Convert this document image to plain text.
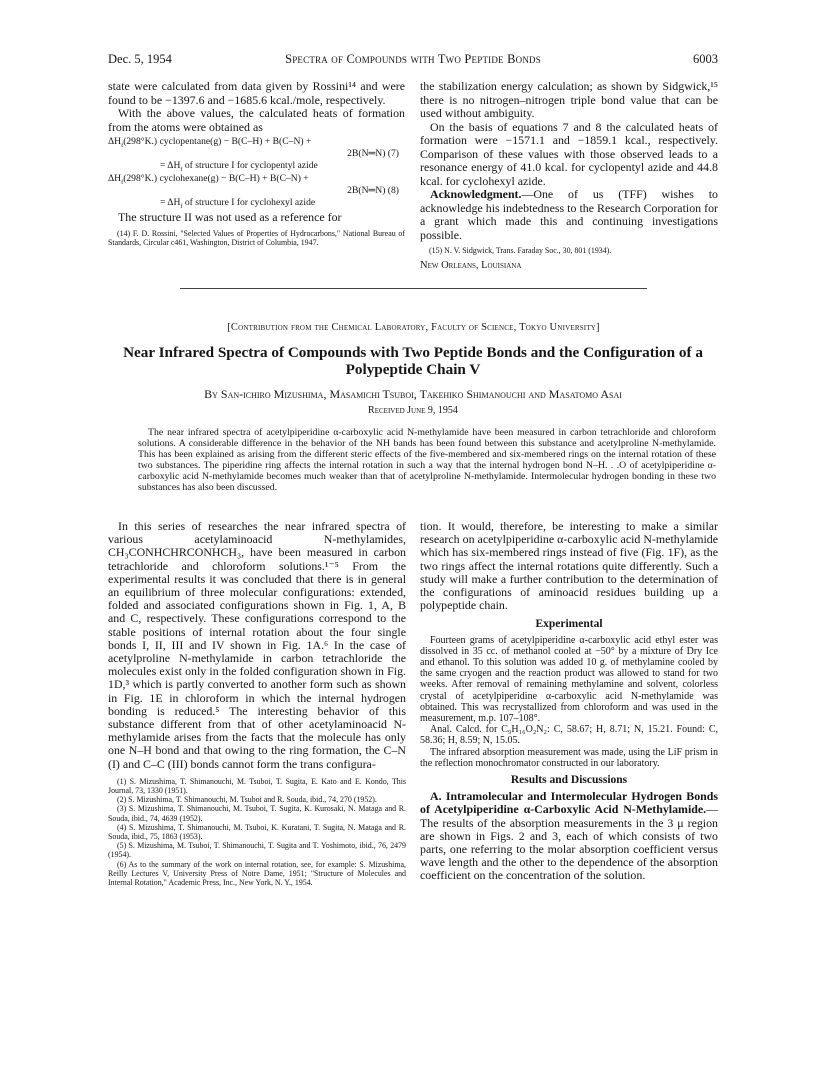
Dec. 5, 1954	Spectra of Compounds with Two Peptide Bonds	6003

state were calculated from data given by Rossini¹⁴ and were found to be −1397.6 and −1685.6 kcal./mole, respectively.

With the above values, the calculated heats of formation from the atoms were obtained as

$\Delta H_f(298^\circ K.)$ cyclopentane(g) − B(C–H) + B(C–N) +
2B(N═N) (7)
= $\Delta H_f$ of structure I for cyclopentyl azide
$\Delta H_f(298^\circ K.)$ cyclohexane(g) − B(C–H) + B(C–N) +
2B(N═N) (8)
= $\Delta H_f$ of structure I for cyclohexyl azide

The structure II was not used as a reference for

(14) F. D. Rossini, "Selected Values of Properties of Hydrocarbons," National Bureau of Standards, Circular c461, Washington, District of Columbia, 1947.

the stabilization energy calculation; as shown by Sidgwick,¹⁵ there is no nitrogen–nitrogen triple bond value that can be used without ambiguity.

On the basis of equations 7 and 8 the calculated heats of formation were −1571.1 and −1859.1 kcal., respectively. Comparison of these values with those observed leads to a resonance energy of 41.0 kcal. for cyclopentyl azide and 44.8 kcal. for cyclohexyl azide.

Acknowledgment.—One of us (TFF) wishes to acknowledge his indebtedness to the Research Corporation for a grant which made this and continuing investigations possible.

(15) N. V. Sidgwick, Trans. Faraday Soc., 30, 801 (1934).

New Orleans, Louisiana

[Contribution from the Chemical Laboratory, Faculty of Science, Tokyo University]
Near Infrared Spectra of Compounds with Two Peptide Bonds and the Configuration of a Polypeptide Chain V
By San-ichiro Mizushima, Masamichi Tsuboi, Takehiko Shimanouchi and Masatomo Asai
Received June 9, 1954
The near infrared spectra of acetylpiperidine α-carboxylic acid N-methylamide have been measured in carbon tetrachloride and chloroform solutions. A considerable difference in the behavior of the NH bands has been found between this substance and acetylproline N-methylamide. This has been explained as arising from the different steric effects of the five-membered and six-membered rings on the internal rotation of these two substances. The piperidine ring affects the internal rotation in such a way that the internal hydrogen bond N–H. . .O of acetylpiperidine α-carboxylic acid N-methylamide becomes much weaker than that of acetylproline N-methylamide. Intermolecular hydrogen bonding in these two substances has also been discussed.

In this series of researches the near infrared spectra of various acetylaminoacid N-methylamides, CH₃CONHCHRCONHCH₃, have been measured in carbon tetrachloride and chloroform solutions.¹⁻⁵ From the experimental results it was concluded that there is in general an equilibrium of three molecular configurations: extended, folded and associated configurations shown in Fig. 1, A, B and C, respectively. These configurations correspond to the stable positions of internal rotation about the four single bonds I, II, III and IV shown in Fig. 1A.⁶ In the case of acetylproline N-methylamide in carbon tetrachloride the molecules exist only in the folded configuration shown in Fig. 1D,³ which is partly converted to another form such as shown in Fig. 1E in chloroform in which the internal hydrogen bonding is reduced.⁵ The interesting behavior of this substance different from that of other acetylaminoacid N-methylamide arises from the facts that the molecule has only one N–H bond and that owing to the ring formation, the C–N (I) and C–C (III) bonds cannot form the trans configura-

(1) S. Mizushima, T. Shimanouchi, M. Tsuboi, T. Sugita, E. Kato and E. Kondo, This Journal, 73, 1330 (1951).

(2) S. Mizushima, T. Shimanouchi, M. Tsuboi and R. Souda, ibid., 74, 270 (1952).

(3) S. Mizushima, T. Shimanouchi, M. Tsuboi, T. Sugita, K. Kurosaki, N. Mataga and R. Souda, ibid., 74, 4639 (1952).

(4) S. Mizushima, T. Shimanouchi, M. Tsuboi, K. Kuratani, T. Sugita, N. Mataga and R. Souda, ibid., 75, 1863 (1953).

(5) S. Mizushima, M. Tsuboi, T. Shimanouchi, T. Sugita and T. Yoshimoto, ibid., 76, 2479 (1954).

(6) As to the summary of the work on internal rotation, see, for example: S. Mizushima, Reilly Lectures V, University Press of Notre Dame, 1951; "Structure of Molecules and Internal Rotation," Academic Press, Inc., New York, N. Y., 1954.

tion. It would, therefore, be interesting to make a similar research on acetylpiperidine α-carboxylic acid N-methylamide which has six-membered rings instead of five (Fig. 1F), as the two rings affect the internal rotations quite differently. Such a study will make a further contribution to the determination of the configurations of aminoacid residues building up a polypeptide chain.

Experimental

Fourteen grams of acetylpiperidine α-carboxylic acid ethyl ester was dissolved in 35 cc. of methanol cooled at −50° by a mixture of Dry Ice and ethanol. To this solution was added 10 g. of methylamine cooled by the same cryogen and the reaction product was allowed to stand for two weeks. After removal of remaining methylamine and solvent, colorless crystal of acetylpiperidine α-carboxylic acid N-methylamide was obtained. This was recrystallized from chloroform and was used in the measurement, m.p. 107–108°.

Anal. Calcd. for C₉H₁₆O₂N₂: C, 58.67; H, 8.71; N, 15.21. Found: C, 58.36; H, 8.59; N, 15.05.

The infrared absorption measurement was made, using the LiF prism in the reflection monochromator constructed in our laboratory.

Results and Discussions

A. Intramolecular and Intermolecular Hydrogen Bonds of Acetylpiperidine α-Carboxylic Acid N-Methylamide.—The results of the absorption measurements in the 3 μ region are shown in Figs. 2 and 3, each of which consists of two parts, one referring to the molar absorption coefficient versus wave length and the other to the dependence of the absorption coefficient on the concentration of the solution.
